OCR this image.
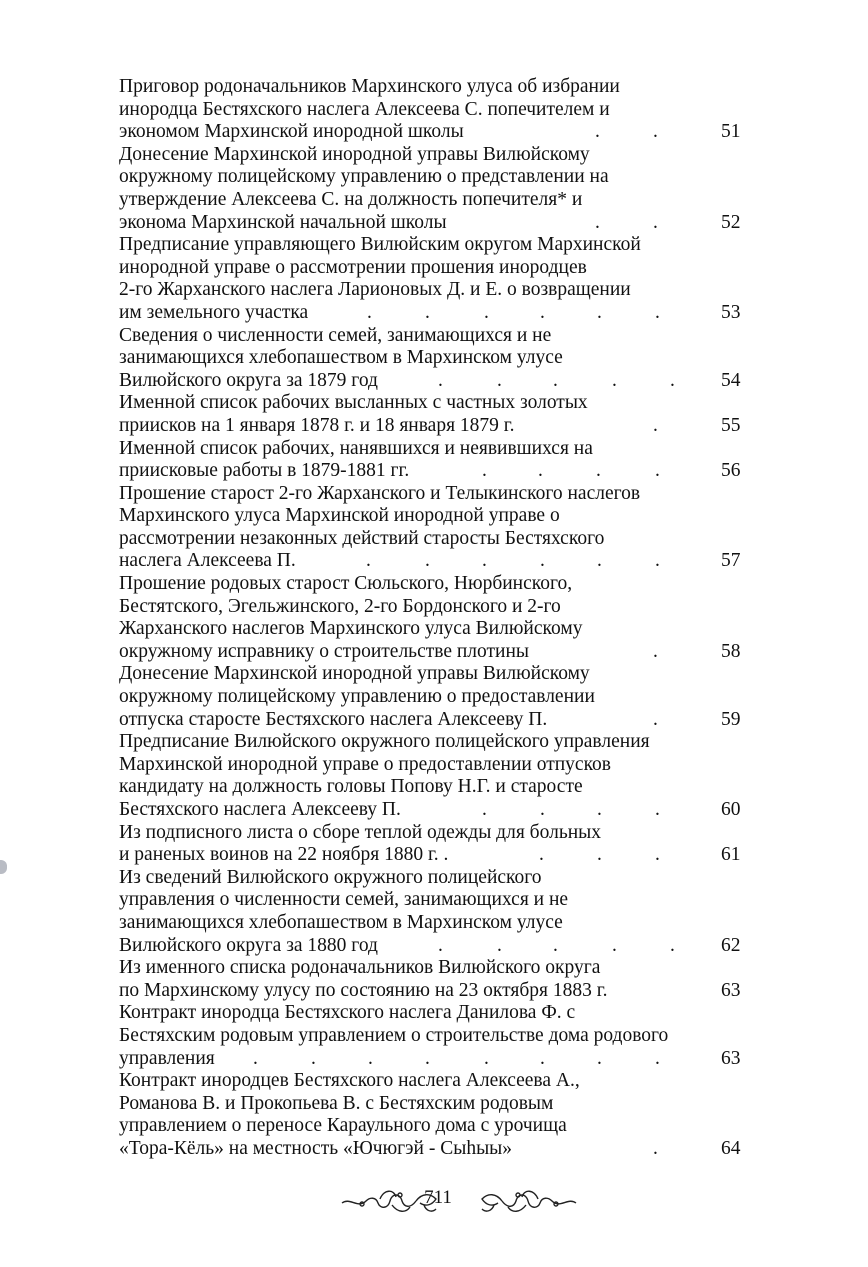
Приговор родоначальников Мархинского улуса об избрании
инородца Бестяхского наслега Алексеева С. попечителем и
экономом Мархинской инородной школы	.	.	51
Донесение Мархинской инородной управы Вилюйскому
окружному полицейскому управлению о представлении на
утверждение Алексеева С. на должность попечителя* и
эконома Мархинской начальной школы	.	.	52
Предписание управляющего Вилюйским округом Мархинской
инородной управе о рассмотрении прошения инородцев
2-го Жарханского наслега Ларионовых Д. и Е. о возвращении
им земельного участка	.	.	.	.	.	.	53
Сведения о численности семей, занимающихся и не
занимающихся хлебопашеством в Мархинском улусе
Вилюйского округа за 1879 год	.	.	.	.	. 54
Именной список рабочих высланных с частных золотых
приисков на 1 января 1878 г. и 18 января 1879 г.	.	55
Именной список рабочих, нанявшихся и неявившихся на
приисковые работы в 1879-1881 гг.	.	.	.	.	56
Прошение старост 2-го Жарханского и Телыкинского наслегов
Мархинского улуса Мархинской инородной управе о
рассмотрении незаконных действий старосты Бестяхского
наслега Алексеева П.	.	.	.	.	.	.	57
Прошение родовых старост Сюльского, Нюрбинского,
Бестятского, Эгельжинского, 2-го Бордонского и 2-го
Жарханского наслегов Мархинского улуса Вилюйскому
окружному исправнику о строительстве плотины	.	58
Донесение Мархинской инородной управы Вилюйскому
окружному полицейскому управлению о предоставлении
отпуска старосте Бестяхского наслега Алексееву П.	.	59
Предписание Вилюйского окружного полицейского управления
Мархинской инородной управе о предоставлении отпусков
кандидату на должность головы Попову Н.Г. и старосте
Бестяхского наслега Алексееву П.	.	.	.	.	60
Из подписного листа о сборе теплой одежды для больных
и раненых воинов на 22 ноября 1880 г. .	.	.	.	61
Из сведений Вилюйского окружного полицейского
управления о численности семей, занимающихся и не
занимающихся хлебопашеством в Мархинском улусе
Вилюйского округа за 1880 год	.	.	.	.	. 62
Из именного списка родоначальников Вилюйского округа
по Мархинскому улусу по состоянию на 23 октября 1883 г.	63
Контракт инородца Бестяхского наслега Данилова Ф. с
Бестяхским родовым управлением о строительстве дома родового
управления .	.	.	.	.	.	.	.	63
Контракт инородцев Бестяхского наслега Алексеева А.,
Романова В. и Прокопьева В. с Бестяхским родовым
управлением о переносе Караульного дома с урочища
«Тора-Кёль» на местность «Ючюгэй - Сыhыы»	.	64
711
